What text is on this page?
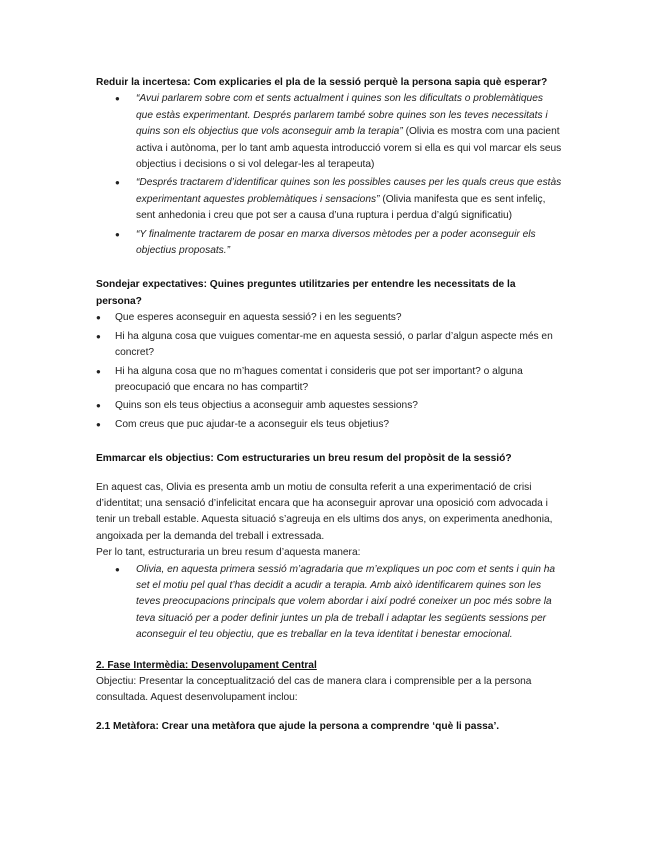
Reduir la incertesa: Com explicaries el pla de la sessió perquè la persona sapia què esperar?

● “Avui parlarem sobre com et sents actualment i quines son les dificultats o problemàtiques que estàs experimentant. Després parlarem també sobre quines son les teves necessitats i quins son els objectius que vols aconseguir amb la terapia” (Olivia es mostra com una pacient activa i autònoma, per lo tant amb aquesta introducció vorem si ella es qui vol marcar els seus objectius i decisions o si vol delegar-les al terapeuta)
● “Després tractarem d’identificar quines son les possibles causes per les quals creus que estàs experimentant aquestes problemàtiques i sensacions” (Olivia manifesta que es sent infeliç, sent anhedonia i creu que pot ser a causa d’una ruptura i perdua d’algú significatiu)
● “Y finalmente tractarem de posar en marxa diversos mètodes per a poder aconseguir els objectius proposats.”

Sondejar expectatives: Quines preguntes utilitzaries per entendre les necessitats de la persona?

● Que esperes aconseguir en aquesta sessió? i en les seguents?
● Hi ha alguna cosa que vuigues comentar-me en aquesta sessió, o parlar d’algun aspecte més en concret?
● Hi ha alguna cosa que no m’hagues comentat i consideris que pot ser important? o alguna preocupació que encara no has compartit?
● Quins son els teus objectius a aconseguir amb aquestes sessions?
● Com creus que puc ajudar-te a aconseguir els teus objetius?

Emmarcar els objectius: Com estructuraries un breu resum del propòsit de la sessió?

En aquest cas, Olivia es presenta amb un motiu de consulta referit a una experimentació de crisi d’identitat; una sensació d’infelicitat encara que ha aconseguir aprovar una oposició com advocada i tenir un treball estable. Aquesta situació s’agreuja en els ultims dos anys, on experimenta anedhonia, angoixada per la demanda del treball i extressada.

Per lo tant, estructuraria un breu resum d’aquesta manera:

● Olivia, en aquesta primera sessió m’agradaria que m’expliques un poc com et sents i quin ha set el motiu pel qual t’has decidit a acudir a terapia. Amb això identificarem quines son les teves preocupacions principals que volem abordar i així podré coneixer un poc més sobre la teva situació per a poder definir juntes un pla de treball i adaptar les següents sessions per aconseguir el teu objectiu, que es treballar en la teva identitat i benestar emocional.

2. Fase Intermèdia: Desenvolupament Central

Objectiu: Presentar la conceptualització del cas de manera clara i comprensible per a la persona consultada. Aquest desenvolupament inclou:

2.1 Metàfora: Crear una metàfora que ajude la persona a comprendre ‘què li passa’.
